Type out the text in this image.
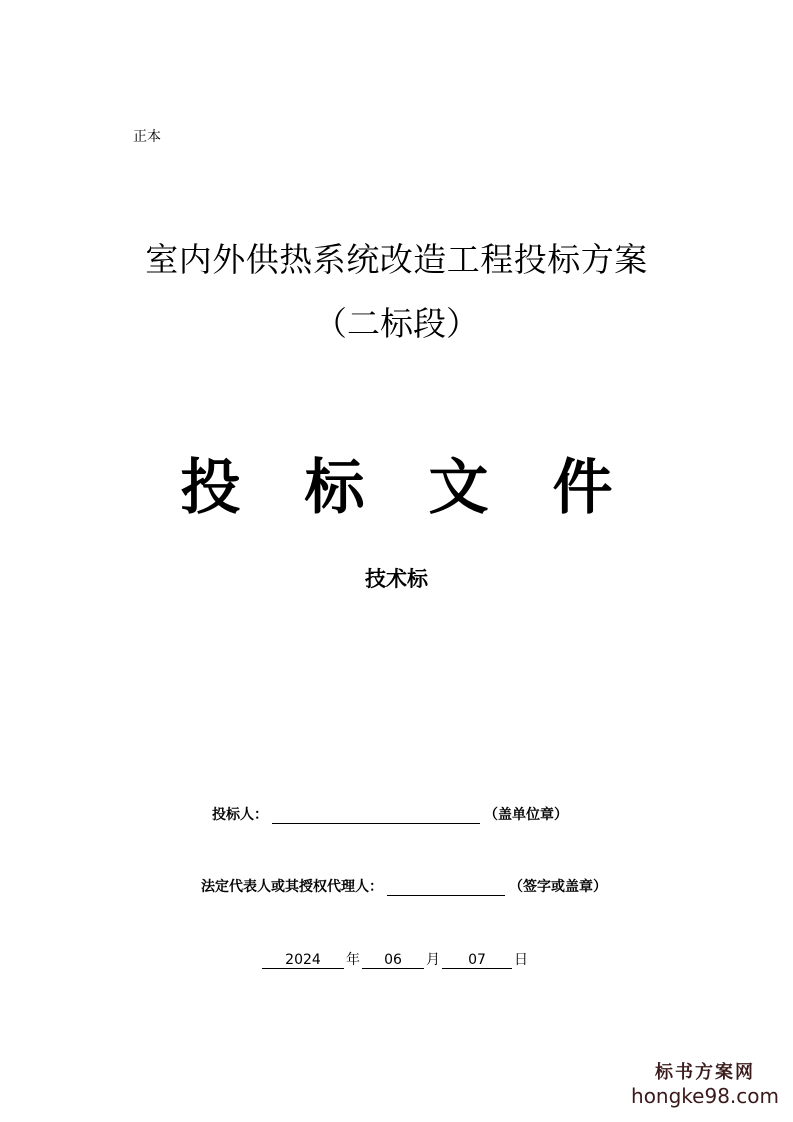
正本
室内外供热系统改造工程投标方案
（二标段）
投	标	文	件
技术标
投标人：	（盖单位章）
法定代表人或其授权代理人：	（签字或盖章）
2024	年	06	月	07	日
标书方案网
hongke98.com
